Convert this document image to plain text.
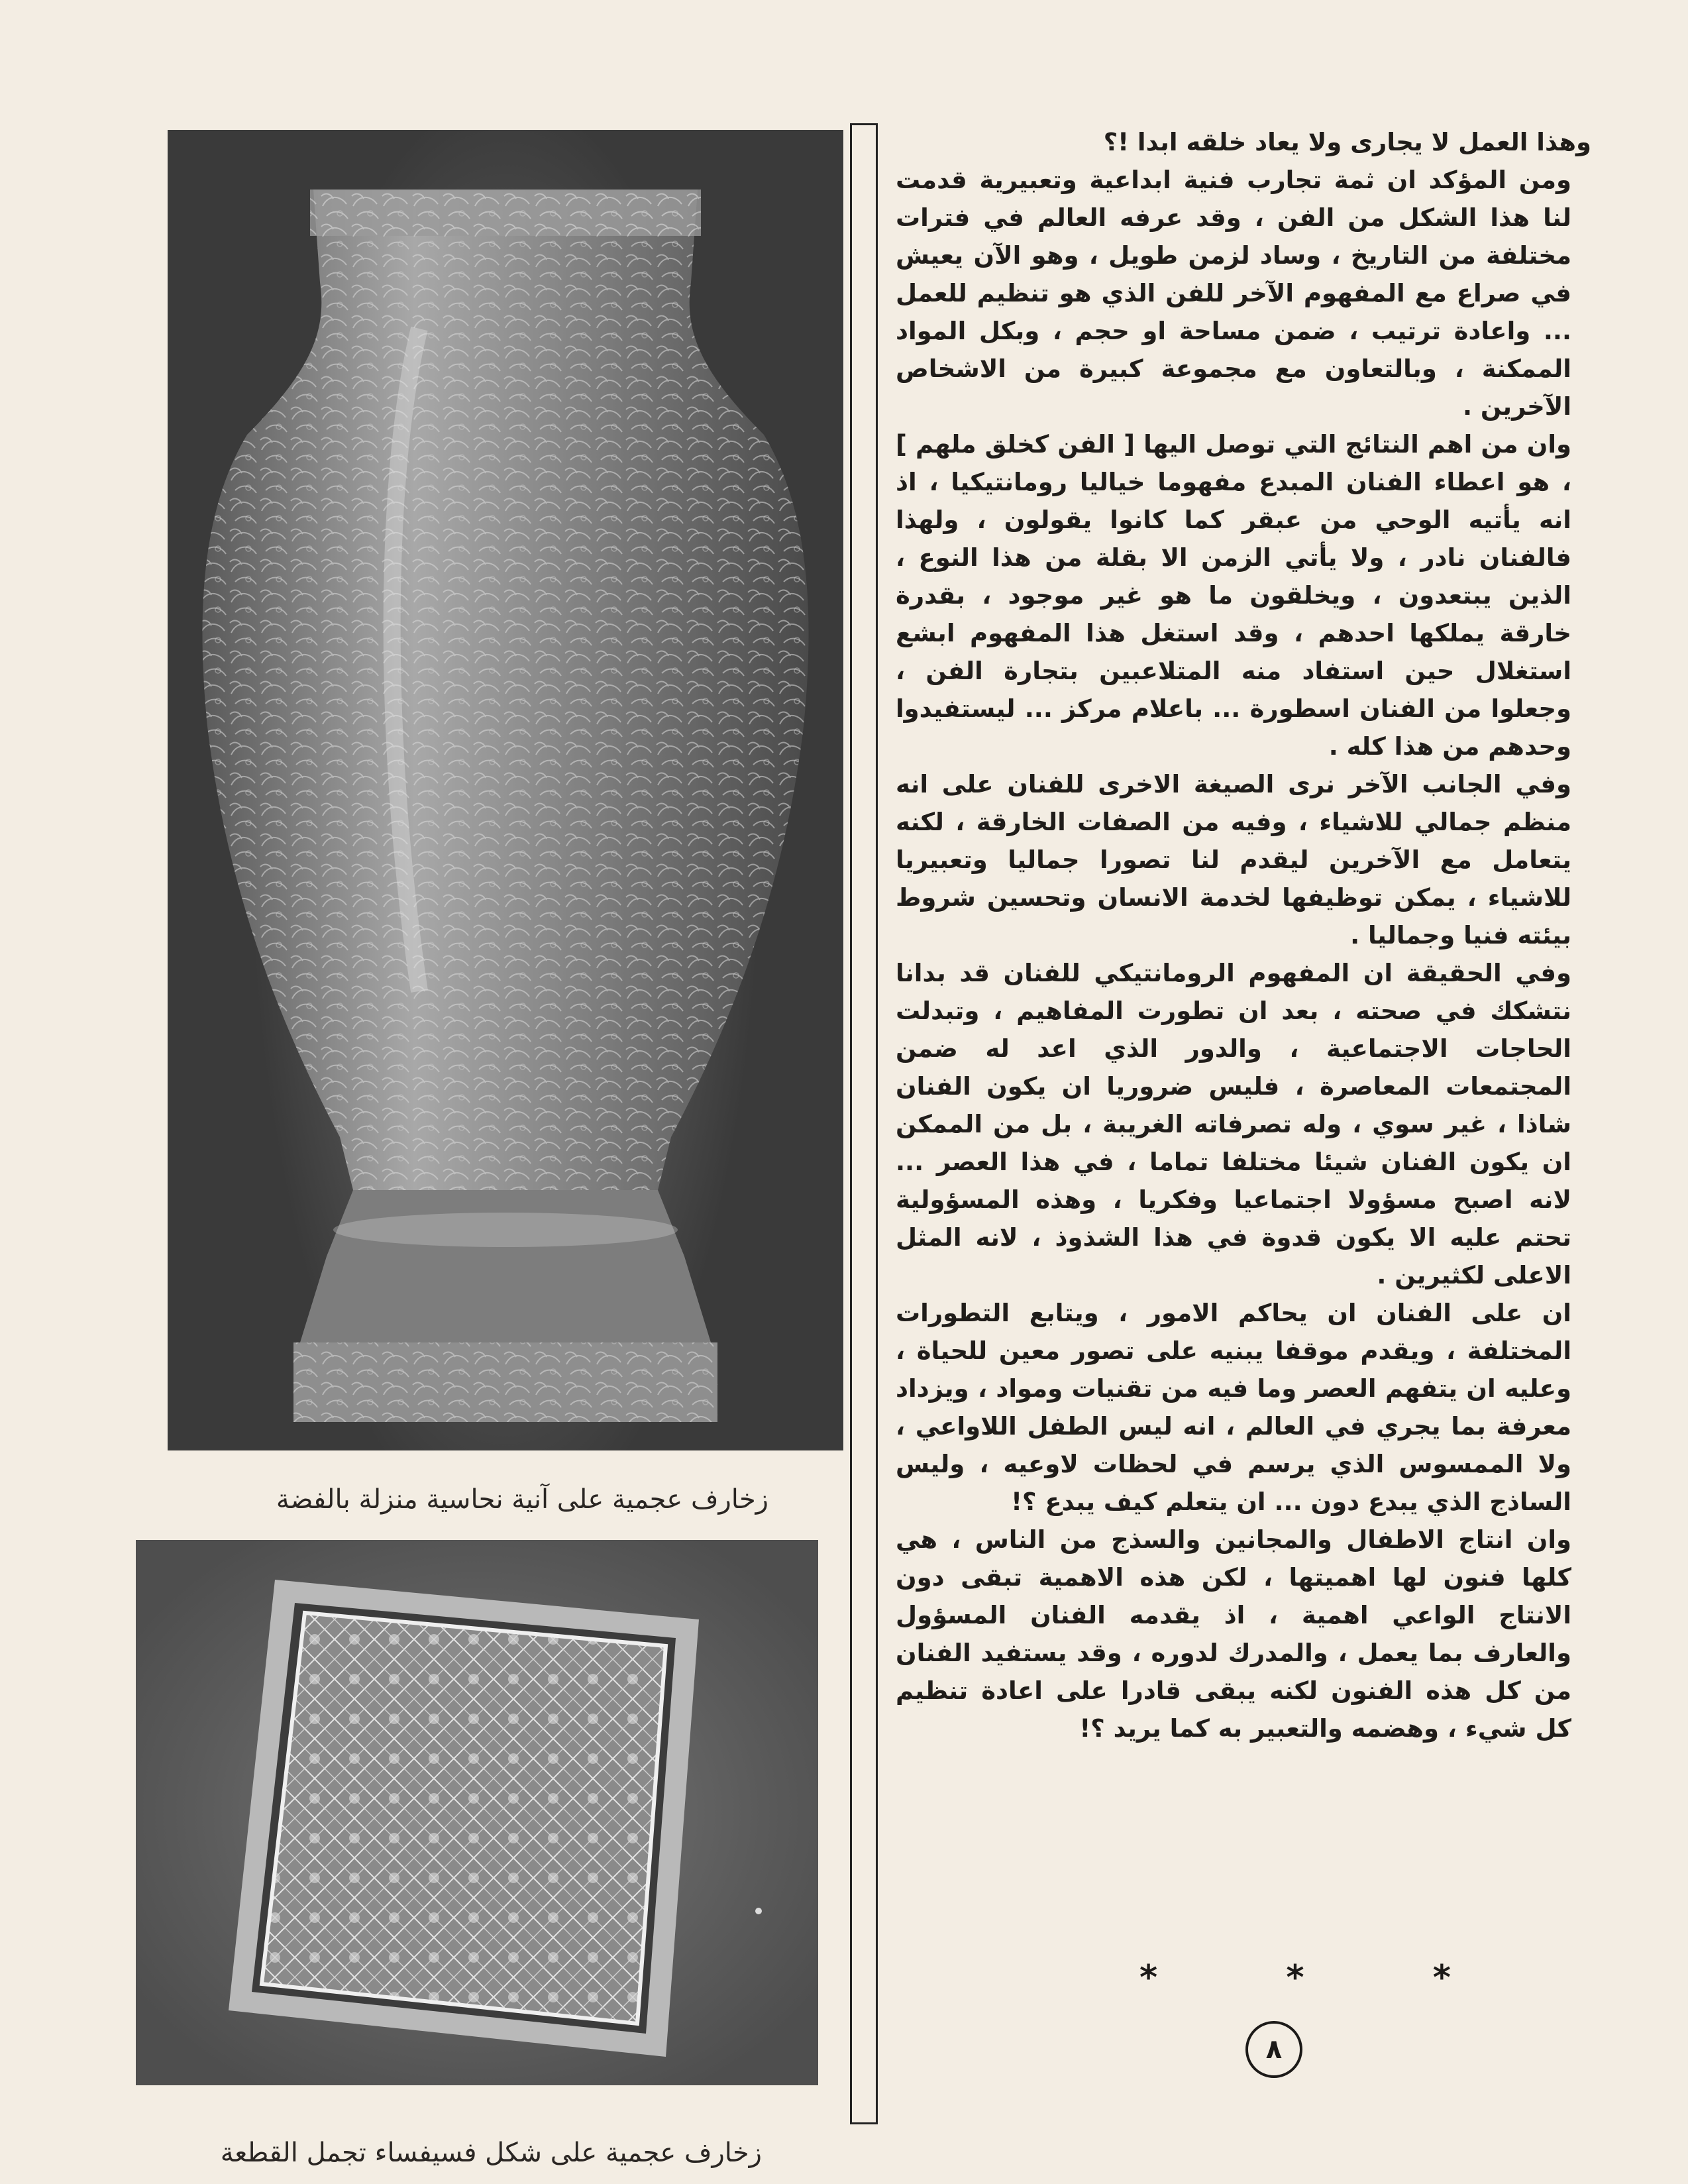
زخارف عجمية على آنية نحاسية منزلة بالفضة
زخارف عجمية على شكل فسيفساء تجمل القطعة

وهذا العمل لا يجارى ولا يعاد خلقه ابدا !؟

ومن المؤكد ان ثمة تجارب فنية ابداعية وتعبيرية قدمت لنا هذا الشكل من الفن ، وقد عرفه العالم في فترات مختلفة من التاريخ ، وساد لزمن طويل ، وهو الآن يعيش في صراع مع المفهوم الآخر للفن الذي هو تنظيم للعمل ... واعادة ترتيب ، ضمن مساحة او حجم ، وبكل المواد الممكنة ، وبالتعاون مع مجموعة كبيرة من الاشخاص الآخرين .

وان من اهم النتائج التي توصل اليها [ الفن كخلق ملهم ] ، هو اعطاء الفنان المبدع مفهوما خياليا رومانتيكيا ، اذ انه يأتيه الوحي من عبقر كما كانوا يقولون ، ولهذا فالفنان نادر ، ولا يأتي الزمن الا بقلة من هذا النوع ، الذين يبتعدون ، ويخلقون ما هو غير موجود ، بقدرة خارقة يملكها احدهم ، وقد استغل هذا المفهوم ابشع استغلال حين استفاد منه المتلاعبين بتجارة الفن ، وجعلوا من الفنان اسطورة ... باعلام مركز ... ليستفيدوا وحدهم من هذا كله .

وفي الجانب الآخر نرى الصيغة الاخرى للفنان على انه منظم جمالي للاشياء ، وفيه من الصفات الخارقة ، لكنه يتعامل مع الآخرين ليقدم لنا تصورا جماليا وتعبيريا للاشياء ، يمكن توظيفها لخدمة الانسان وتحسين شروط بيئته فنيا وجماليا .

وفي الحقيقة ان المفهوم الرومانتيكي للفنان قد بدانا نتشكك في صحته ، بعد ان تطورت المفاهيم ، وتبدلت الحاجات الاجتماعية ، والدور الذي اعد له ضمن المجتمعات المعاصرة ، فليس ضروريا ان يكون الفنان شاذا ، غير سوي ، وله تصرفاته الغريبة ، بل من الممكن ان يكون الفنان شيئا مختلفا تماما ، في هذا العصر ... لانه اصبح مسؤولا اجتماعيا وفكريا ، وهذه المسؤولية تحتم عليه الا يكون قدوة في هذا الشذوذ ، لانه المثل الاعلى لكثيرين .

ان على الفنان ان يحاكم الامور ، ويتابع التطورات المختلفة ، ويقدم موقفا يبنيه على تصور معين للحياة ، وعليه ان يتفهم العصر وما فيه من تقنيات ومواد ، ويزداد معرفة بما يجري في العالم ، انه ليس الطفل اللاواعي ، ولا الممسوس الذي يرسم في لحظات لاوعيه ، وليس الساذج الذي يبدع دون ... ان يتعلم كيف يبدع ؟!

وان انتاج الاطفال والمجانين والسذج من الناس ، هي كلها فنون لها اهميتها ، لكن هذه الاهمية تبقى دون الانتاج الواعي اهمية ، اذ يقدمه الفنان المسؤول والعارف بما يعمل ، والمدرك لدوره ، وقد يستفيد الفنان من كل هذه الفنون لكنه يبقى قادرا على اعادة تنظيم كل شيء ، وهضمه والتعبير به كما يريد ؟!

*	*	*
٨
